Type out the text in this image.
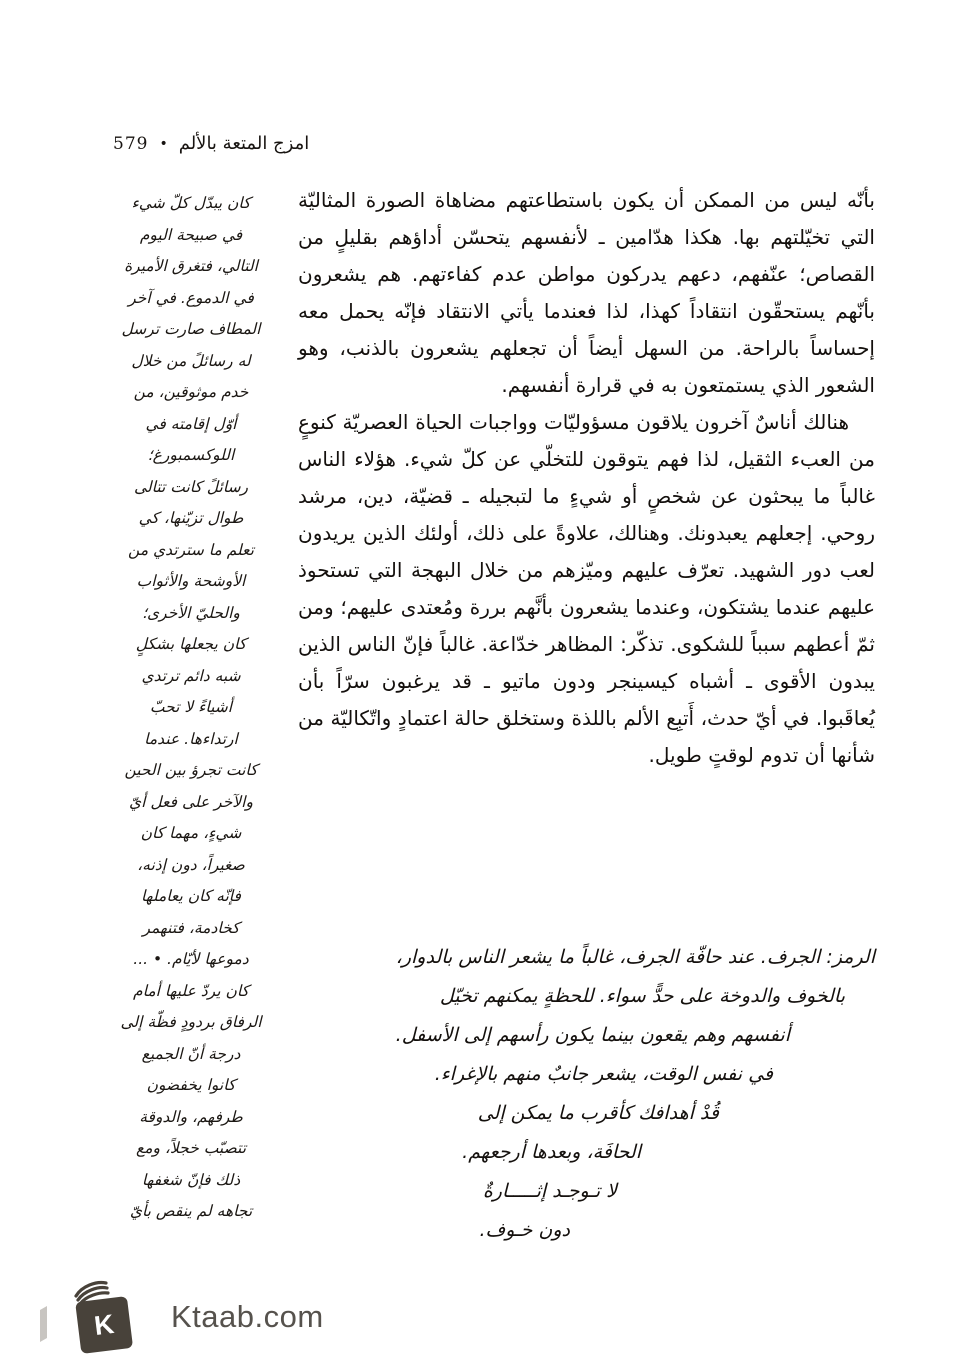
امزج المتعة بالألم
•
579

بأنّه ليس من الممكن أن يكون باستطاعتهم مضاهاة الصورة المثاليّة التي تخيّلتهم بها. هكذا هدّامين ـ لأنفسهم يتحسّن أداؤهم بقليلٍ من القصاص؛ عنّفهم، دعهم يدركون مواطن عدم كفاءتهم. هم يشعرون بأنّهم يستحقّون انتقاداً كهذا، لذا فعندما يأتي الانتقاد فإنّه يحمل معه إحساساً بالراحة. من السهل أيضاً أن تجعلهم يشعرون بالذنب، وهو الشعور الذي يستمتعون به في قرارة أنفسهم.

هنالك أناسٌ آخرون يلاقون مسؤوليّات وواجبات الحياة العصريّة كنوعٍ من العبء الثقيل، لذا فهم يتوقون للتخلّي عن كلّ شيء. هؤلاء الناس غالباً ما يبحثون عن شخصٍ أو شيءٍ ما لتبجيله ـ قضيّة، دين، مرشد روحي. إجعلهم يعبدونك. وهنالك، علاوةً على ذلك، أولئك الذين يريدون لعب دور الشهيد. تعرّف عليهم وميّزهم من خلال البهجة التي تستحوذ عليهم عندما يشتكون، وعندما يشعرون بأنَّهم بررة ومُعتدى عليهم؛ ومن ثمّ أعطهم سبباً للشكوى. تذكّر: المظاهر خدّاعة. غالباً فإنّ الناس الذين يبدون الأقوى ـ أشباه كيسينجر ودون ماتيو ـ قد يرغبون سرّاً بأن يُعاقَبوا. في أيّ حدث، أَتبِع الألم باللذة وستخلق حالة اعتمادٍ واتّكاليّة من شأنها أن تدوم لوقتٍ طويل.

كان يبدّل كلّ شيء
في صبيحة اليوم
التالي، فتغرق الأميرة
في الدموع. في آخر
المطاف صارت ترسل
له رسائلً من خلال
خدم موثوقين، من
أوّل إقامته في
اللوكسمبورغ؛
رسائلً كانت تتالى
طوال تزيّنها، كي
تعلم ما سترتدي من
الأوشحة والأثواب
والحليّ الأخرى؛
كان يجعلها بشكلٍ
شبه دائم ترتدي
أشياءً لا تحبّ
ارتداءها. عندما
كانت تجرؤ بين الحين
والآخر على فعل أيّ
شيءٍ، مهما كان
صغيراً، دون إذنه،
فإنّه كان يعاملها
كخادمة، فتنهمر
دموعها لأيّام. • ...
كان يردّ عليها أمام
الرفاق بردودٍ فظّة إلى
درجة أنّ الجميع
كانوا يخفضون
طرفهم، والدوقة
تتصبّب خجلاً، ومع
ذلك فإنّ شغفها
تجاهه لم ينقص بأيّ
الرمز: الجرف. عند حافّة الجرف، غالباً ما يشعر الناس بالدوار،
بالخوف والدوخة على حدًّ سواء. للحظةٍ يمكنهم تخيّل
أنفسهم وهم يقعون بينما يكون رأسهم إلى الأسفل.
في نفس الوقت، يشعر جانبٌ منهم بالإغراء.
قُدْ أهدافك كأقرب ما يمكن إلى
الحافَة، وبعدها أرجعهم.
لا تـوجـد إثـــــارةٌ
دون خـوف.
K Ktaab.com
